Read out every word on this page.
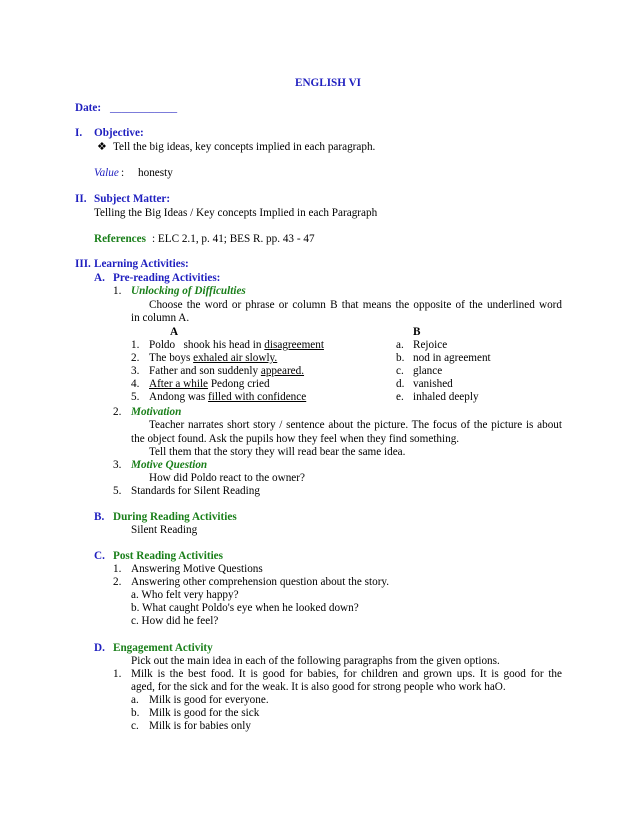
ENGLISH VI
Date: ____________
I. Objective:
❖ Tell the big ideas, key concepts implied in each paragraph.
Value : honesty
II. Subject Matter:
Telling the Big Ideas / Key concepts Implied in each Paragraph
References : ELC 2.1, p. 41; BES R. pp. 43 - 47
III. Learning Activities:
A. Pre-reading Activities:
1. Unlocking of Difficulties
Choose the word or phrase or column B that means the opposite of the underlined word
in column A.
A	B
1. Poldo   shook his head in disagreement	a. Rejoice
2. The boys exhaled air slowly.	b. nod in agreement
3. Father and son suddenly appeared.	c. glance
4. After a while Pedong cried	d. vanished
5. Andong was filled with confidence	e. inhaled deeply
2. Motivation
Teacher narrates short story / sentence about the picture. The focus of the picture is about
the object found. Ask the pupils how they feel when they find something.
Tell them that the story they will read bear the same idea.
3. Motive Question
How did Poldo react to the owner?
5. Standards for Silent Reading
B. During Reading Activities
Silent Reading
C. Post Reading Activities
1. Answering Motive Questions
2. Answering other comprehension question about the story.
a. Who felt very happy?
b. What caught Poldo's eye when he looked down?
c. How did he feel?
D. Engagement Activity
Pick out the main idea in each of the following paragraphs from the given options.
1. Milk is the best food. It is good for babies, for children and grown ups. It is good for the
aged, for the sick and for the weak. It is also good for strong people who work haO.
a. Milk is good for everyone.
b. Milk is good for the sick
c. Milk is for babies only
